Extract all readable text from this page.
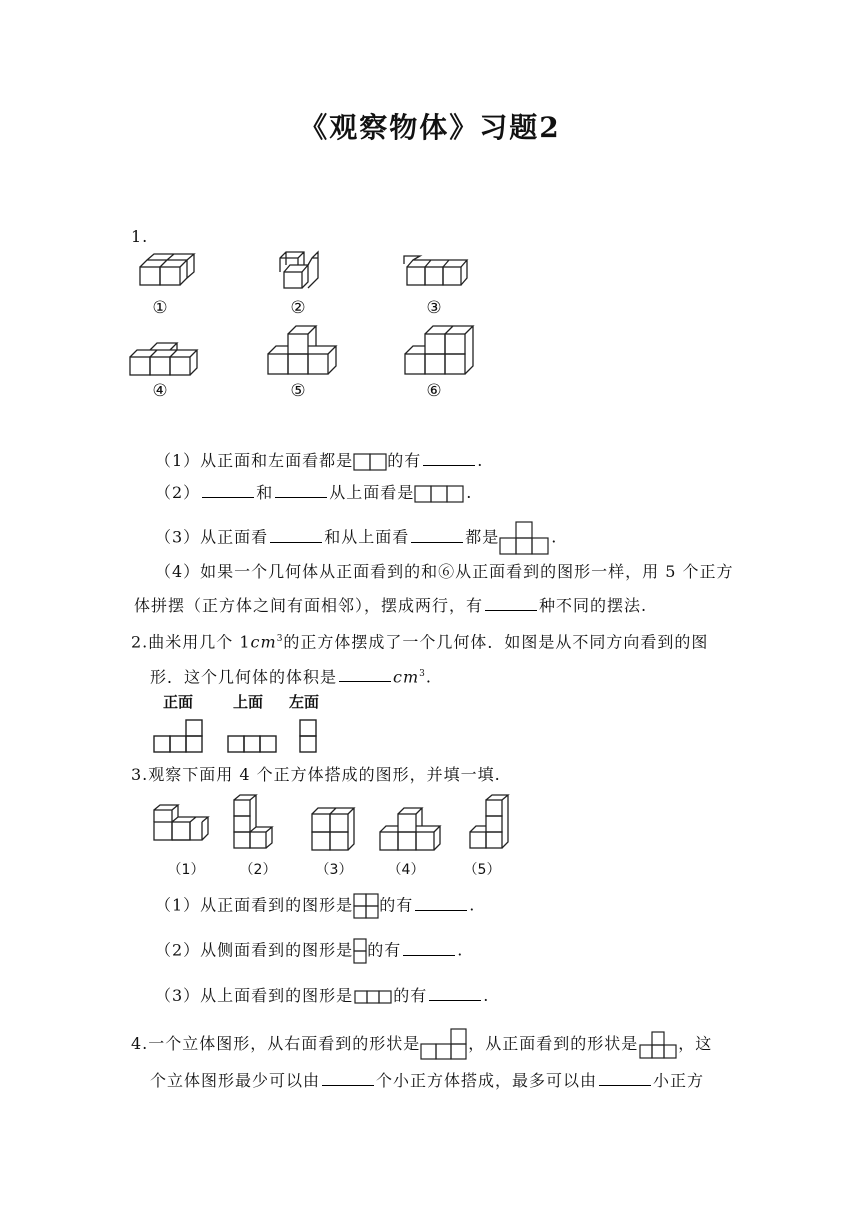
《观察物体》习题2
1.
①	②	③
④	⑤	⑥
（1）从正面和左面看都是 的有	.
（2）	和	从上面看是	.
（3）从正面看	和从上面看	都是	.
（4）如果一个几何体从正面看到的和⑥从正面看到的图形一样，用 5 个正方
体拼摆（正方体之间有面相邻），摆成两行，有	种不同的摆法.
2.曲米用几个 $1cm^3$的正方体摆成了一个几何体．如图是从不同方向看到的图
形．这个几何体的体积是	$cm^3$.
正面	上面 左面
3.观察下面用 4 个正方体搭成的图形，并填一填.
（1）	（2）	（3）	（4）	（5）
（1）从正面看到的图形是 的有	.
（2）从侧面看到的图形是 的有	.
（3）从上面看到的图形是	的有	.
4.一个立体图形，从右面看到的形状是	，从正面看到的形状是	，这
个立体图形最少可以由	个小正方体搭成，最多可以由	小正方
